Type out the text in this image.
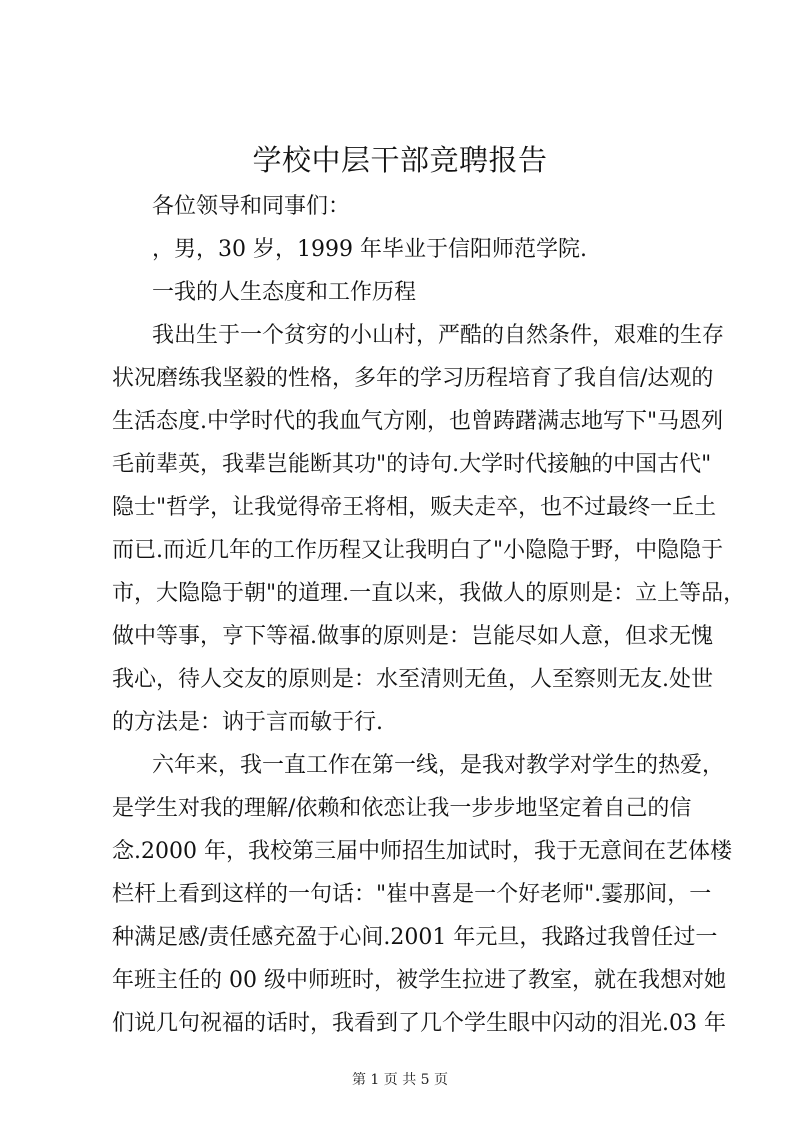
学校中层干部竞聘报告
各位领导和同事们：
，男，30 岁，1999 年毕业于信阳师范学院.
一我的人生态度和工作历程
我出生于一个贫穷的小山村，严酷的自然条件，艰难的生存
状况磨练我坚毅的性格，多年的学习历程培育了我自信/达观的
生活态度.中学时代的我血气方刚，也曾踌躇满志地写下"马恩列
毛前辈英，我辈岂能断其功"的诗句.大学时代接触的中国古代"
隐士"哲学，让我觉得帝王将相，贩夫走卒，也不过最终一丘土
而已.而近几年的工作历程又让我明白了"小隐隐于野，中隐隐于
市，大隐隐于朝"的道理.一直以来，我做人的原则是：立上等品，
做中等事，亨下等福.做事的原则是：岂能尽如人意，但求无愧
我心，待人交友的原则是：水至清则无鱼，人至察则无友.处世
的方法是：讷于言而敏于行.
六年来，我一直工作在第一线，是我对教学对学生的热爱，
是学生对我的理解/依赖和依恋让我一步步地坚定着自己的信
念.2000 年，我校第三届中师招生加试时，我于无意间在艺体楼
栏杆上看到这样的一句话："崔中喜是一个好老师".霎那间，一
种满足感/责任感充盈于心间.2001 年元旦，我路过我曾任过一
年班主任的 00 级中师班时，被学生拉进了教室，就在我想对她
们说几句祝福的话时，我看到了几个学生眼中闪动的泪光.03 年
第 1 页 共 5 页
